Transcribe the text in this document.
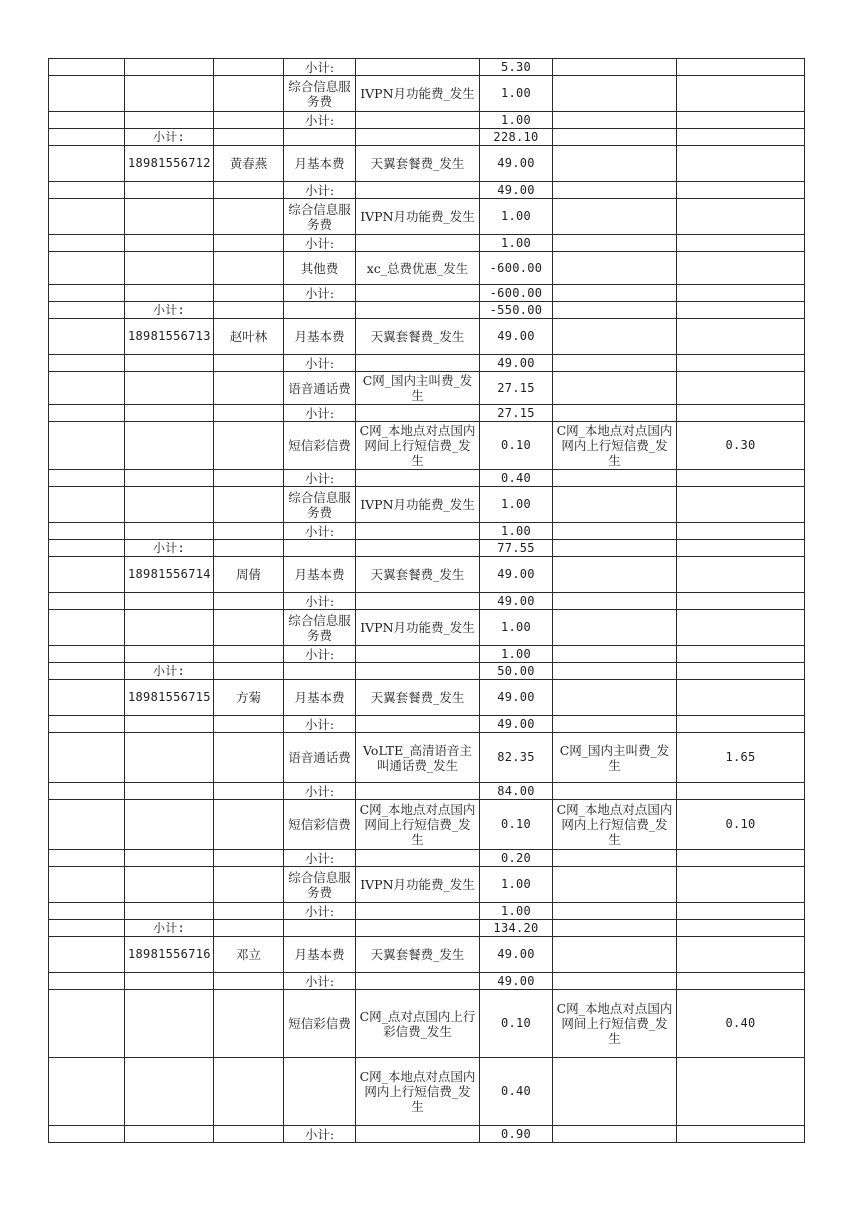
			小计:		5.30		
			综合信息服务费	IVPN月功能费_发生	1.00		
			小计:		1.00		
	小计:				228.10		
	18981556712	黄春燕	月基本费	天翼套餐费_发生	49.00		
			小计:		49.00		
			综合信息服务费	IVPN月功能费_发生	1.00		
			小计:		1.00		
			其他费	xc_总费优惠_发生	-600.00		
			小计:		-600.00		
	小计:				-550.00		
	18981556713	赵叶林	月基本费	天翼套餐费_发生	49.00		
			小计:		49.00		
			语音通话费	C网_国内主叫费_发生	27.15		
			小计:		27.15		
			短信彩信费	C网_本地点对点国内网间上行短信费_发生	0.10	C网_本地点对点国内网内上行短信费_发生	0.30
			小计:		0.40		
			综合信息服务费	IVPN月功能费_发生	1.00		
			小计:		1.00		
	小计:				77.55		
	18981556714	周倩	月基本费	天翼套餐费_发生	49.00		
			小计:		49.00		
			综合信息服务费	IVPN月功能费_发生	1.00		
			小计:		1.00		
	小计:				50.00		
	18981556715	方菊	月基本费	天翼套餐费_发生	49.00		
			小计:		49.00		
			语音通话费	VoLTE_高清语音主叫通话费_发生	82.35	C网_国内主叫费_发生	1.65
			小计:		84.00		
			短信彩信费	C网_本地点对点国内网间上行短信费_发生	0.10	C网_本地点对点国内网内上行短信费_发生	0.10
			小计:		0.20		
			综合信息服务费	IVPN月功能费_发生	1.00		
			小计:		1.00		
	小计:				134.20		
	18981556716	邓立	月基本费	天翼套餐费_发生	49.00		
			小计:		49.00		
			短信彩信费	C网_点对点国内上行彩信费_发生	0.10	C网_本地点对点国内网间上行短信费_发生	0.40
				C网_本地点对点国内网内上行短信费_发生	0.40		
			小计:		0.90		
